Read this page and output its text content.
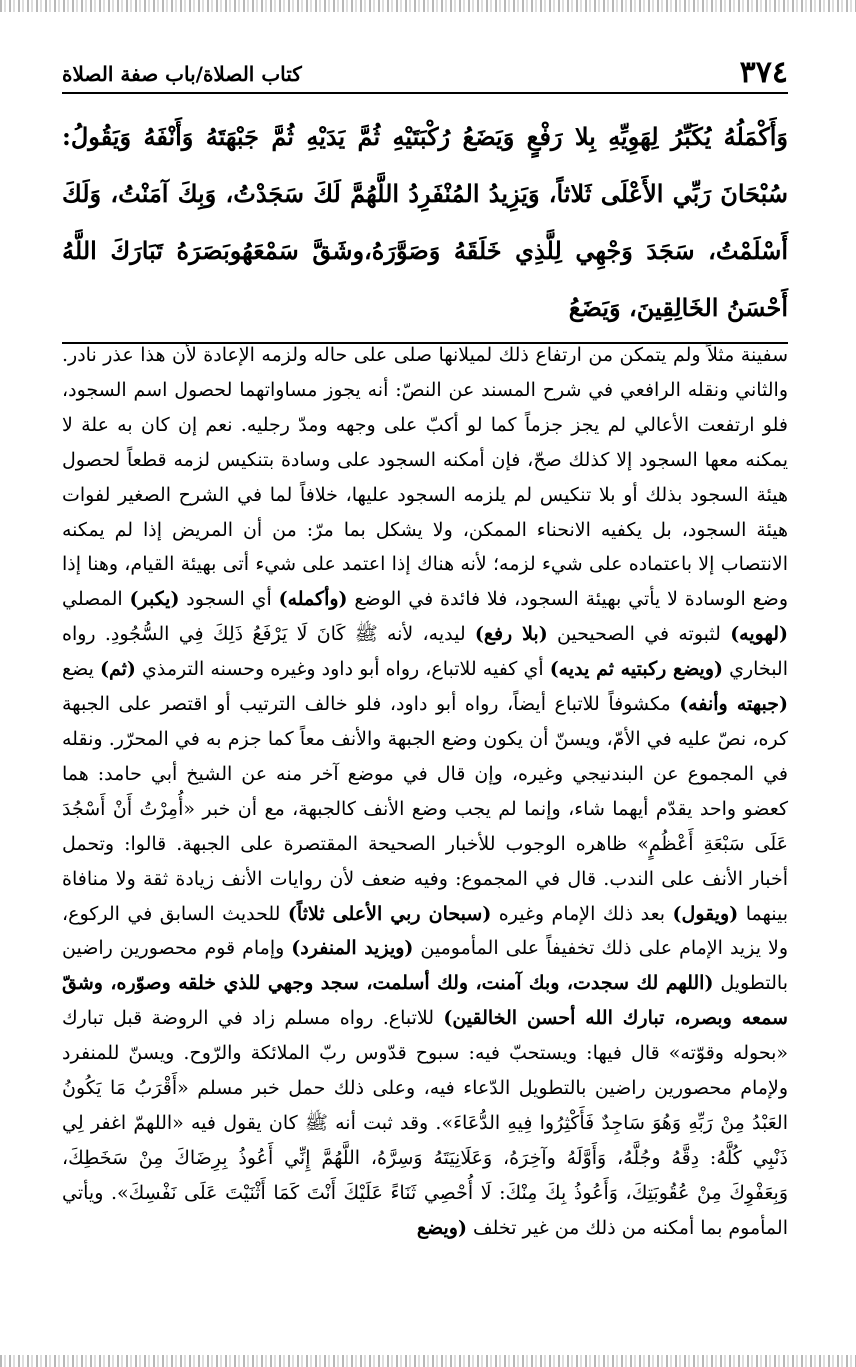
٣٧٤
كتاب الصلاة/باب صفة الصلاة

وَأَكْمَلُهُ يُكَبِّرُ لِهَوِيِّهِ بِلا رَفْعٍ وَيَضَعُ رُكْبَتَيْهِ ثُمَّ يَدَيْهِ ثُمَّ جَبْهَتَهُ وَأَنْفَهُ وَيَقُولُ: سُبْحَانَ رَبِّي الأَعْلَى ثَلاثاً، وَيَزِيدُ المُنْفَرِدُ اللَّهُمَّ لَكَ سَجَدْتُ، وَبِكَ آمَنْتُ، وَلَكَ أَسْلَمْتُ، سَجَدَ وَجْهِي لِلَّذِي خَلَقَهُ وَصَوَّرَهُ،وشَقَّ سَمْعَهُوبَصَرَهُ تَبَارَكَ اللَّهُ أَحْسَنُ الخَالِقِينَ، وَيَضَعُ

سفينة مثلاً ولم يتمكن من ارتفاع ذلك لميلانها صلى على حاله ولزمه الإعادة لأن هذا عذر نادر. والثاني ونقله الرافعي في شرح المسند عن النصّ: أنه يجوز مساواتهما لحصول اسم السجود، فلو ارتفعت الأعالي لم يجز جزماً كما لو أكبّ على وجهه ومدّ رجليه. نعم إن كان به علة لا يمكنه معها السجود إلا كذلك صحّ، فإن أمكنه السجود على وسادة بتنكيس لزمه قطعاً لحصول هيئة السجود بذلك أو بلا تنكيس لم يلزمه السجود عليها، خلافاً لما في الشرح الصغير لفوات هيئة السجود، بل يكفيه الانحناء الممكن، ولا يشكل بما مرّ: من أن المريض إذا لم يمكنه الانتصاب إلا باعتماده على شيء لزمه؛ لأنه هناك إذا اعتمد على شيء أتى بهيئة القيام، وهنا إذا وضع الوسادة لا يأتي بهيئة السجود، فلا فائدة في الوضع (وأكمله) أي السجود (يكبر) المصلي (لهويه) لثبوته في الصحيحين (بلا رفع) ليديه، لأنه ﷺ كَانَ لَا يَرْفَعُ ذَلِكَ فِي السُّجُودِ. رواه البخاري (ويضع ركبتيه ثم يديه) أي كفيه للاتباع، رواه أبو داود وغيره وحسنه الترمذي (ثم) يضع (جبهته وأنفه) مكشوفاً للاتباع أيضاً، رواه أبو داود، فلو خالف الترتيب أو اقتصر على الجبهة كره، نصّ عليه في الأمّ، ويسنّ أن يكون وضع الجبهة والأنف معاً كما جزم به في المحرّر. ونقله في المجموع عن البندنيجي وغيره، وإن قال في موضع آخر منه عن الشيخ أبي حامد: هما كعضو واحد يقدّم أيهما شاء، وإنما لم يجب وضع الأنف كالجبهة، مع أن خبر «أُمِرْتُ أَنْ أَسْجُدَ عَلَى سَبْعَةِ أَعْظُمٍ» ظاهره الوجوب للأخبار الصحيحة المقتصرة على الجبهة. قالوا: وتحمل أخبار الأنف على الندب. قال في المجموع: وفيه ضعف لأن روايات الأنف زيادة ثقة ولا منافاة بينهما (ويقول) بعد ذلك الإمام وغيره (سبحان ربي الأعلى ثلاثاً) للحديث السابق في الركوع، ولا يزيد الإمام على ذلك تخفيفاً على المأمومين (ويزيد المنفرد) وإمام قوم محصورين راضين بالتطويل (اللهم لك سجدت، وبك آمنت، ولك أسلمت، سجد وجهي للذي خلقه وصوّره، وشقّ سمعه وبصره، تبارك الله أحسن الخالقين) للاتباع. رواه مسلم زاد في الروضة قبل تبارك «بحوله وقوّته» قال فيها: ويستحبّ فيه: سبوح قدّوس ربّ الملائكة والرّوح. ويسنّ للمنفرد ولإمام محصورين راضين بالتطويل الدّعاء فيه، وعلى ذلك حمل خبر مسلم «أَقْرَبُ مَا يَكُونُ العَبْدُ مِنْ رَبِّهِ وَهُوَ سَاجِدٌ فَأَكْثِرُوا فِيهِ الدُّعَاءَ». وقد ثبت أنه ﷺ كان يقول فيه «اللهمّ اغفر لِي ذَنْبِي كُلَّهُ: دِقَّهُ وجُلَّهُ، وَأَوَّلَهُ وآخِرَهُ، وَعَلَانِيَتَهُ وَسِرَّهُ، اللَّهُمَّ إِنِّي أَعُوذُ بِرِضَاكَ مِنْ سَخَطِكَ، وَبِعَفْوِكَ مِنْ عُقُوبَتِكَ، وَأَعُوذُ بِكَ مِنْكَ: لَا أُحْصِي ثَنَاءً عَلَيْكَ أَنْتَ كَمَا أَثْنَيْتَ عَلَى نَفْسِكَ». ويأتي المأموم بما أمكنه من ذلك من غير تخلف (ويضع
